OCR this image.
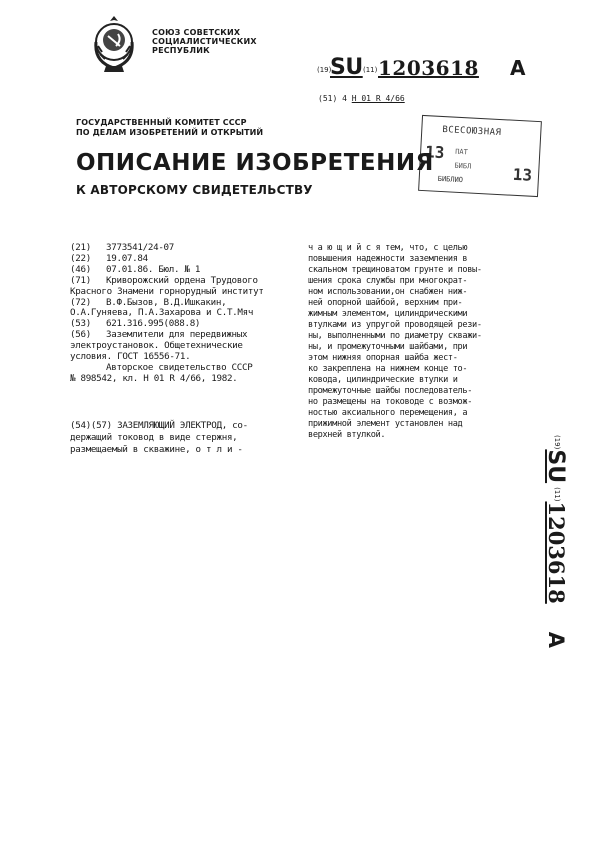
СОЮЗ СОВЕТСКИХ
СОЦИАЛИСТИЧЕСКИХ
РЕСПУБЛИК
(19)
SU (11) 1203618 A
(51) 4 Н 01 R 4/66
ГОСУДАРСТВЕННЫЙ КОМИТЕТ СССР
ПО ДЕЛАМ ИЗОБРЕТЕНИЙ И ОТКРЫТИЙ	ВСЕСОЮЗНАЯ
13 ПАТ
БИБЛ	13
БИБЛИО
ОПИСАНИЕ ИЗОБРЕТЕНИЯ
К АВТОРСКОМУ СВИДЕТЕЛЬСТВУ
(21)	3773541/24-07
(22)	19.07.84
(46)	07.01.86. Бюл. № 1
(71)	Криворожский ордена Трудового
Красного Знамени горнорудный институт
(72)	В.Ф.Бызов, В.Д.Ишкакин,
О.А.Гуняева, П.А.Захарова и С.Т.Мяч
(53)	621.316.995(088.8)
(56)	Заземлители для передвижных
электроустановок. Общетехнические
условия. ГОСТ 16556-71.
Авторское свидетельство СССР
№ 898542, кл. Н 01 R 4/66, 1982.
(54)(57) ЗАЗЕМЛЯЮЩИЙ ЭЛЕКТРОД, со-
держащий токовод в виде стержня,
размещаемый в скважине, о т л и -
ч а ю щ и й с я тем, что, с целью
повышения надежности заземления в
скальном трещиноватом грунте и повы-
шения срока службы при многократ-
ном использовании,он снабжен ниж-
ней опорной шайбой, верхним при-
жимным элементом, цилиндрическими
втулками из упругой проводящей рези-
ны, выполненными по диаметру скважи-
ны, и промежуточными шайбами, при
этом нижняя опорная шайба жест-
ко закреплена на нижнем конце то-
ковода, цилиндрические втулки и
промежуточные шайбы последователь-
но размещены на тоководе с возмож-
ностью аксиального перемещения, а
прижимной элемент установлен над
верхней втулкой.	$^{(19)}$SU$^{(11)}$1203618A
